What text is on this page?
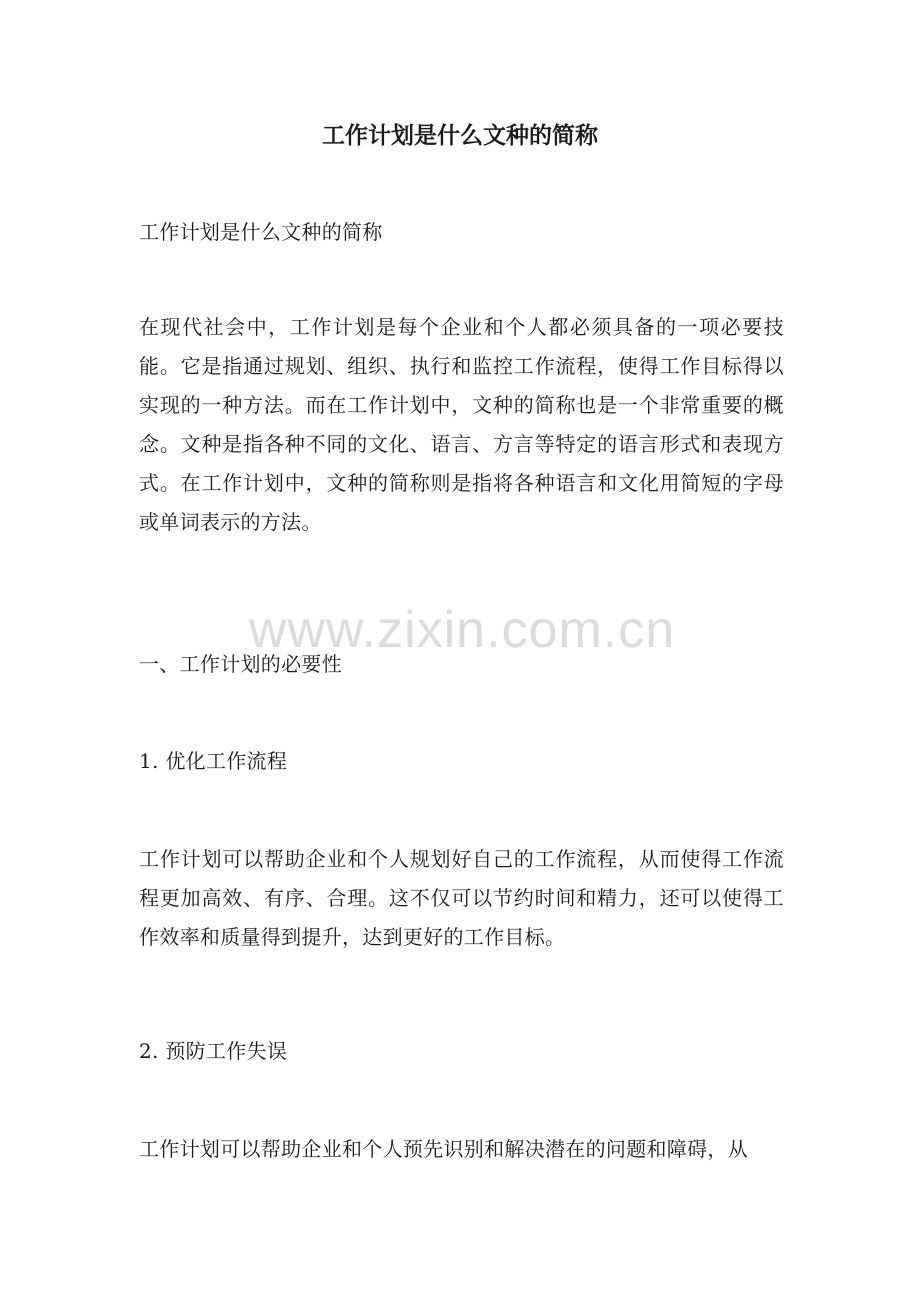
www.zixin.com.cn
工作计划是什么文种的简称
工作计划是什么文种的简称
在现代社会中，工作计划是每个企业和个人都必须具备的一项必要技能。它是指通过规划、组织、执行和监控工作流程，使得工作目标得以实现的一种方法。而在工作计划中，文种的简称也是一个非常重要的概念。文种是指各种不同的文化、语言、方言等特定的语言形式和表现方式。在工作计划中，文种的简称则是指将各种语言和文化用简短的字母或单词表示的方法。
一、工作计划的必要性
1. 优化工作流程
工作计划可以帮助企业和个人规划好自己的工作流程，从而使得工作流程更加高效、有序、合理。这不仅可以节约时间和精力，还可以使得工作效率和质量得到提升，达到更好的工作目标。
2. 预防工作失误
工作计划可以帮助企业和个人预先识别和解决潜在的问题和障碍，从
